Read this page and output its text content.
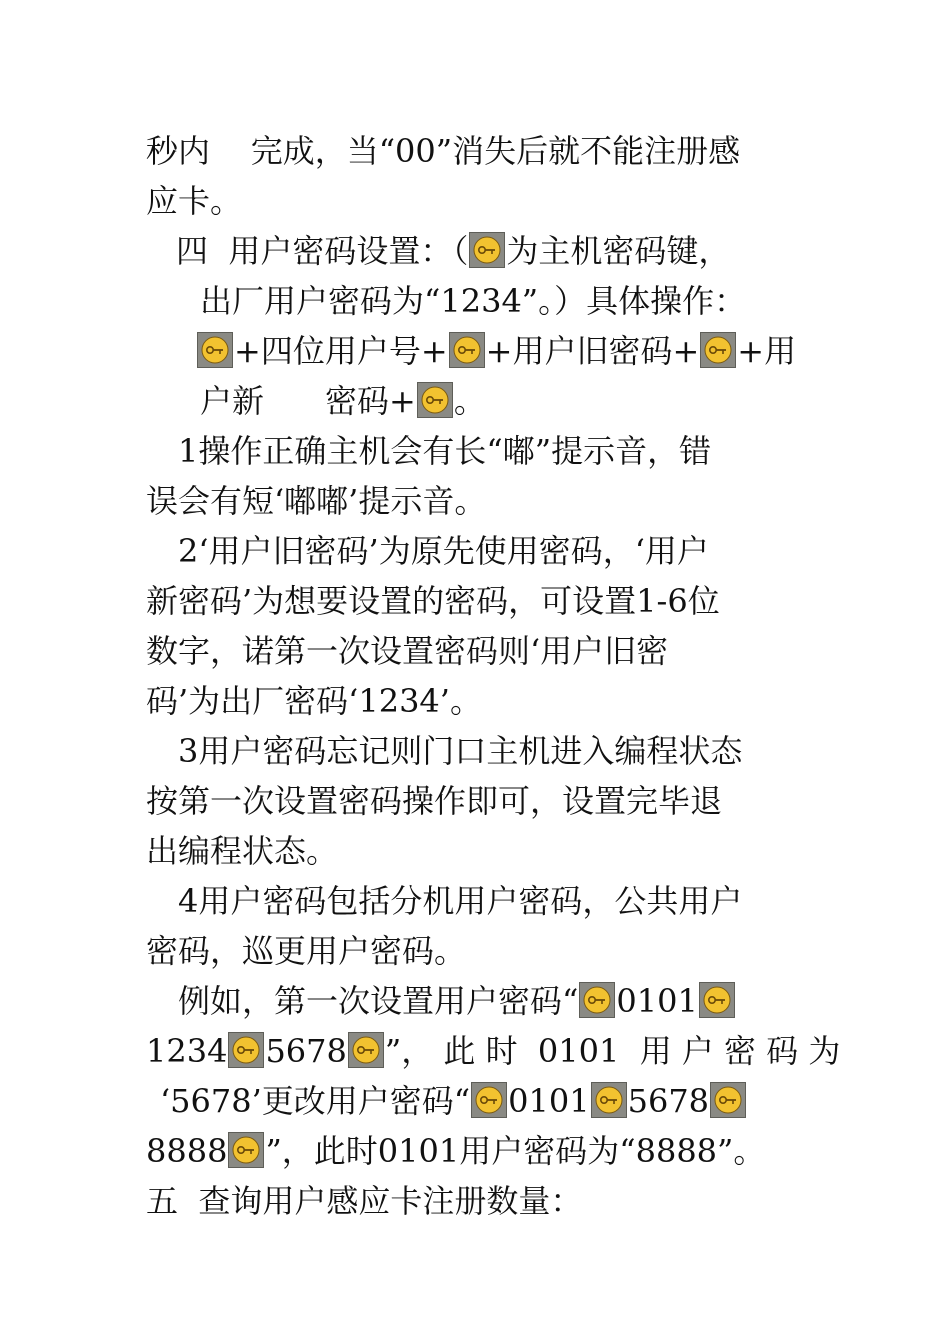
秒内    完成，当“00”消失后就不能注册感
应卡。
四  用户密码设置：（ 为主机密码键，
出厂用户密码为“1234”。）具体操作：
+四位用户号+ +用户旧密码+ +用
户新      密码+ 。
1操作正确主机会有长“嘟”提示音，错
误会有短‘嘟嘟’提示音。
2‘用户旧密码’为原先使用密码，‘用户
新密码’为想要设置的密码，可设置1-6位
数字，诺第一次设置密码则‘用户旧密
码’为出厂密码‘1234’。
3用户密码忘记则门口主机进入编程状态
按第一次设置密码操作即可，设置完毕退
出编程状态。
4用户密码包括分机用户密码，公共用户
密码，巡更用户密码。
例如，第一次设置用户密码“ 0101
1234 5678 ”， 此 时  0101  用 户 密 码 为
‘5678’更改用户密码“ 0101 5678
8888 ”，此时0101用户密码为“8888”。
五  查询用户感应卡注册数量：
